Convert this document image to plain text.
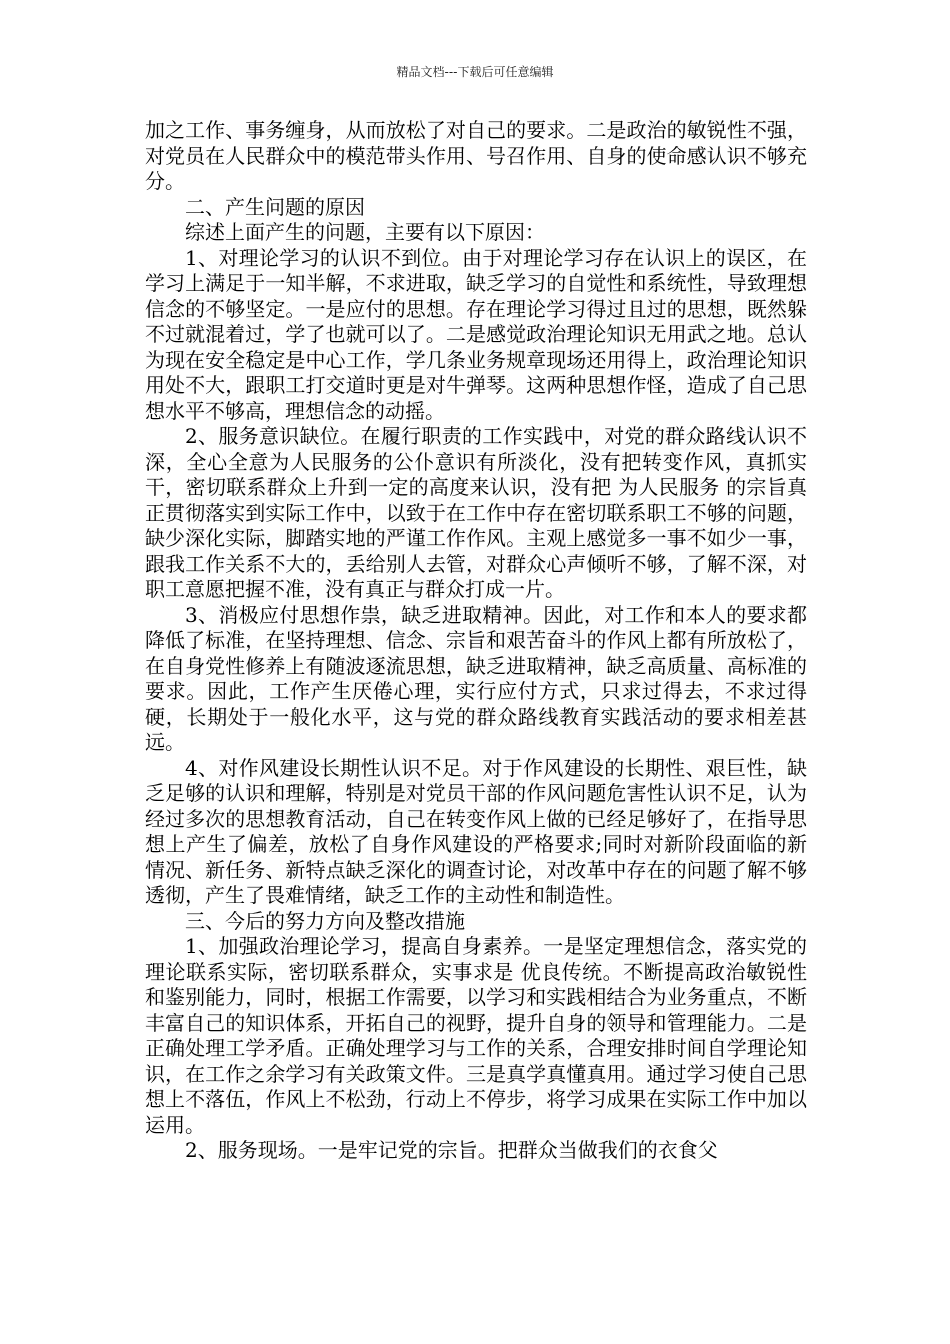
精品文档---下载后可任意编辑

加之工作、事务缠身，从而放松了对自己的要求。二是政治的敏锐性不强，对党员在人民群众中的模范带头作用、号召作用、自身的使命感认识不够充分。

二、产生问题的原因

综述上面产生的问题，主要有以下原因：

1、对理论学习的认识不到位。由于对理论学习存在认识上的误区，在学习上满足于一知半解，不求进取，缺乏学习的自觉性和系统性，导致理想信念的不够坚定。一是应付的思想。存在理论学习得过且过的思想，既然躲不过就混着过，学了也就可以了。二是感觉政治理论知识无用武之地。总认为现在安全稳定是中心工作，学几条业务规章现场还用得上，政治理论知识用处不大，跟职工打交道时更是对牛弹琴。这两种思想作怪，造成了自己思想水平不够高，理想信念的动摇。

2、服务意识缺位。在履行职责的工作实践中，对党的群众路线认识不深，全心全意为人民服务的公仆意识有所淡化，没有把转变作风，真抓实干，密切联系群众上升到一定的高度来认识，没有把 为人民服务 的宗旨真正贯彻落实到实际工作中，以致于在工作中存在密切联系职工不够的问题，缺少深化实际，脚踏实地的严谨工作作风。主观上感觉多一事不如少一事，跟我工作关系不大的，丢给别人去管，对群众心声倾听不够，了解不深，对职工意愿把握不准，没有真正与群众打成一片。

3、消极应付思想作祟，缺乏进取精神。因此，对工作和本人的要求都降低了标准，在坚持理想、信念、宗旨和艰苦奋斗的作风上都有所放松了，在自身党性修养上有随波逐流思想，缺乏进取精神，缺乏高质量、高标准的要求。因此，工作产生厌倦心理，实行应付方式，只求过得去，不求过得硬，长期处于一般化水平，这与党的群众路线教育实践活动的要求相差甚远。

4、对作风建设长期性认识不足。对于作风建设的长期性、艰巨性，缺乏足够的认识和理解，特别是对党员干部的作风问题危害性认识不足，认为经过多次的思想教育活动，自己在转变作风上做的已经足够好了，在指导思想上产生了偏差，放松了自身作风建设的严格要求;同时对新阶段面临的新情况、新任务、新特点缺乏深化的调查讨论，对改革中存在的问题了解不够透彻，产生了畏难情绪，缺乏工作的主动性和制造性。

三、今后的努力方向及整改措施

1、加强政治理论学习，提高自身素养。一是坚定理想信念，落实党的 理论联系实际，密切联系群众，实事求是 优良传统。不断提高政治敏锐性和鉴别能力，同时，根据工作需要，以学习和实践相结合为业务重点，不断丰富自己的知识体系，开拓自己的视野，提升自身的领导和管理能力。二是正确处理工学矛盾。正确处理学习与工作的关系，合理安排时间自学理论知识，在工作之余学习有关政策文件。三是真学真懂真用。通过学习使自己思想上不落伍，作风上不松劲，行动上不停步，将学习成果在实际工作中加以运用。

2、服务现场。一是牢记党的宗旨。把群众当做我们的衣食父
